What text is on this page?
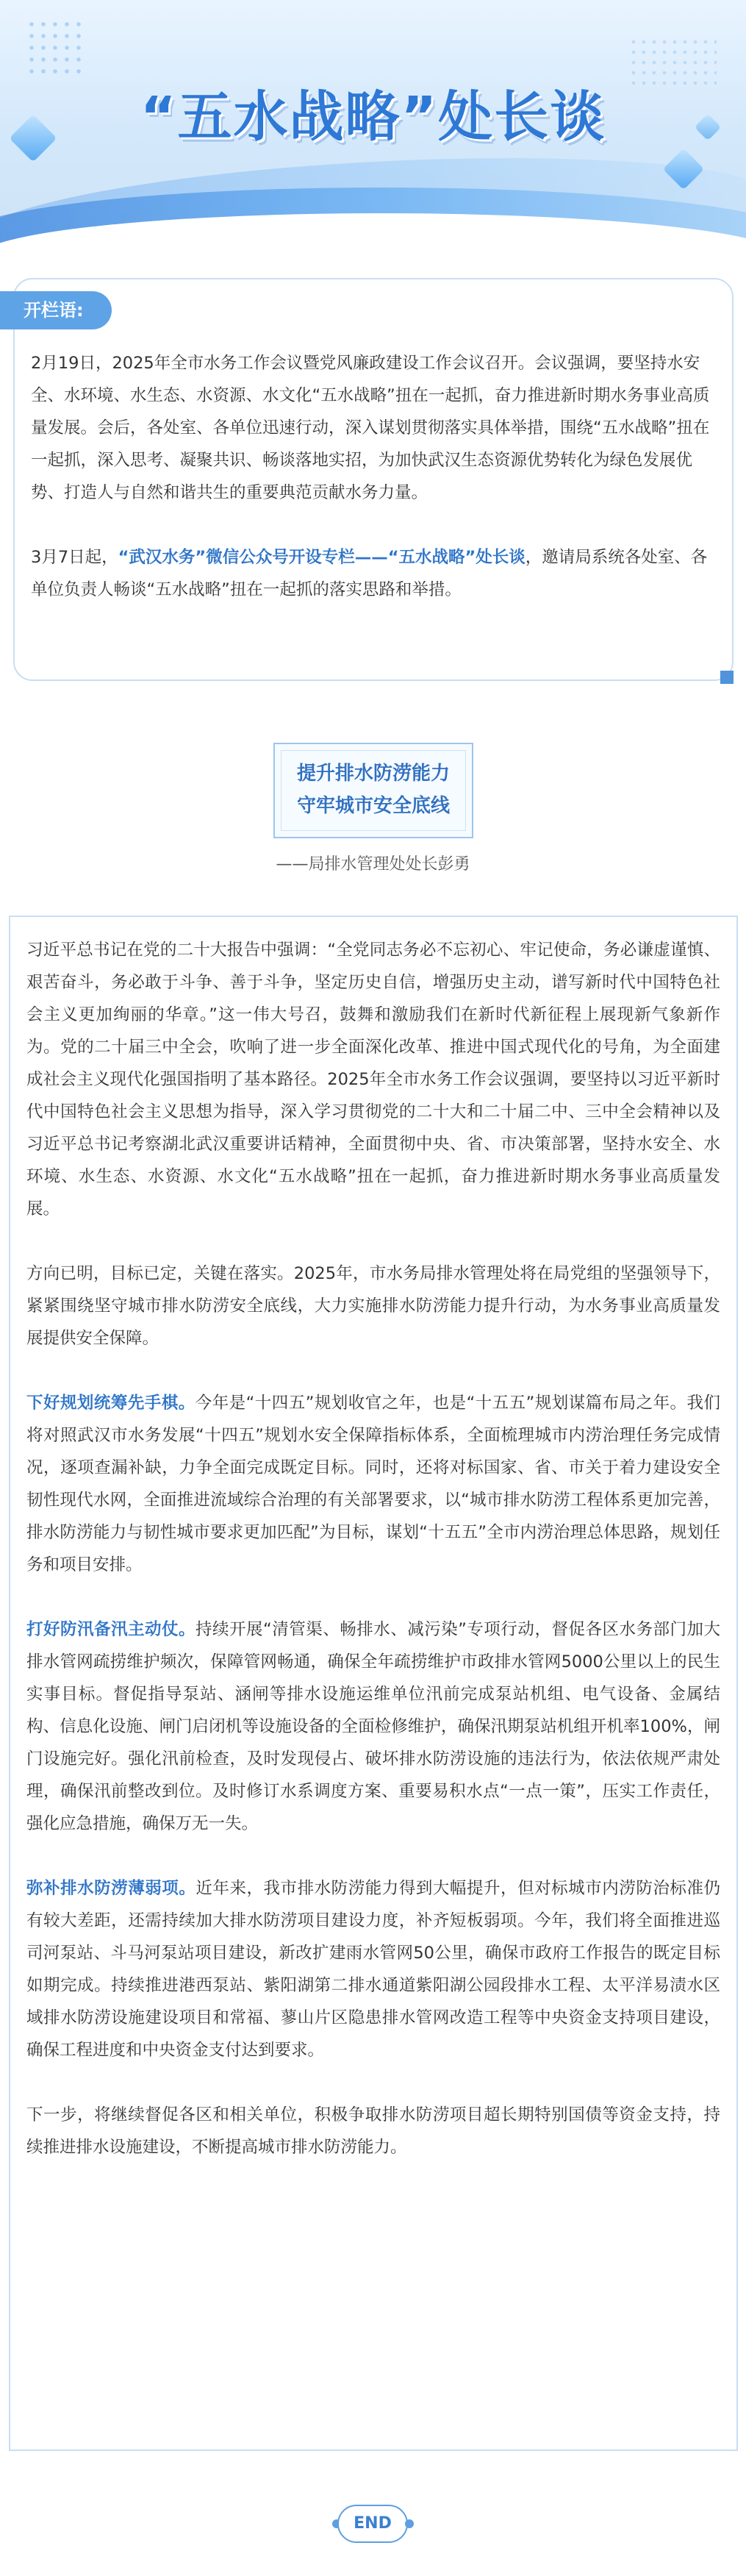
“五水战略”处长谈
开栏语:

2月19日，2025年全市水务工作会议暨党风廉政建设工作会议召开。会议强调，要坚持水安全、水环境、水生态、水资源、水文化“五水战略”扭在一起抓，奋力推进新时期水务事业高质量发展。会后，各处室、各单位迅速行动，深入谋划贯彻落实具体举措，围绕“五水战略”扭在一起抓，深入思考、凝聚共识、畅谈落地实招，为加快武汉生态资源优势转化为绿色发展优势、打造人与自然和谐共生的重要典范贡献水务力量。

3月7日起，“武汉水务”微信公众号开设专栏——“五水战略”处长谈，邀请局系统各处室、各单位负责人畅谈“五水战略”扭在一起抓的落实思路和举措。

提升排水防涝能力
守牢城市安全底线
——局排水管理处处长彭勇

习近平总书记在党的二十大报告中强调：“全党同志务必不忘初心、牢记使命，务必谦虚谨慎、艰苦奋斗，务必敢于斗争、善于斗争，坚定历史自信，增强历史主动，谱写新时代中国特色社会主义更加绚丽的华章。”这一伟大号召，鼓舞和激励我们在新时代新征程上展现新气象新作为。党的二十届三中全会，吹响了进一步全面深化改革、推进中国式现代化的号角，为全面建成社会主义现代化强国指明了基本路径。2025年全市水务工作会议强调，要坚持以习近平新时代中国特色社会主义思想为指导，深入学习贯彻党的二十大和二十届二中、三中全会精神以及习近平总书记考察湖北武汉重要讲话精神，全面贯彻中央、省、市决策部署，坚持水安全、水环境、水生态、水资源、水文化“五水战略”扭在一起抓，奋力推进新时期水务事业高质量发展。

方向已明，目标已定，关键在落实。2025年，市水务局排水管理处将在局党组的坚强领导下，紧紧围绕坚守城市排水防涝安全底线，大力实施排水防涝能力提升行动，为水务事业高质量发展提供安全保障。

下好规划统筹先手棋。今年是“十四五”规划收官之年，也是“十五五”规划谋篇布局之年。我们将对照武汉市水务发展“十四五”规划水安全保障指标体系，全面梳理城市内涝治理任务完成情况，逐项查漏补缺，力争全面完成既定目标。同时，还将对标国家、省、市关于着力建设安全韧性现代水网，全面推进流域综合治理的有关部署要求，以“城市排水防涝工程体系更加完善，排水防涝能力与韧性城市要求更加匹配”为目标，谋划“十五五”全市内涝治理总体思路，规划任务和项目安排。

打好防汛备汛主动仗。持续开展“清管渠、畅排水、减污染”专项行动，督促各区水务部门加大排水管网疏捞维护频次，保障管网畅通，确保全年疏捞维护市政排水管网5000公里以上的民生实事目标。督促指导泵站、涵闸等排水设施运维单位汛前完成泵站机组、电气设备、金属结构、信息化设施、闸门启闭机等设施设备的全面检修维护，确保汛期泵站机组开机率100%，闸门设施完好。强化汛前检查，及时发现侵占、破坏排水防涝设施的违法行为，依法依规严肃处理，确保汛前整改到位。及时修订水系调度方案、重要易积水点“一点一策”，压实工作责任，强化应急措施，确保万无一失。

弥补排水防涝薄弱项。近年来，我市排水防涝能力得到大幅提升，但对标城市内涝防治标准仍有较大差距，还需持续加大排水防涝项目建设力度，补齐短板弱项。今年，我们将全面推进巡司河泵站、斗马河泵站项目建设，新改扩建雨水管网50公里，确保市政府工作报告的既定目标如期完成。持续推进港西泵站、紫阳湖第二排水通道紫阳湖公园段排水工程、太平洋易渍水区域排水防涝设施建设项目和常福、蓼山片区隐患排水管网改造工程等中央资金支持项目建设，确保工程进度和中央资金支付达到要求。

下一步，将继续督促各区和相关单位，积极争取排水防涝项目超长期特别国债等资金支持，持续推进排水设施建设，不断提高城市排水防涝能力。

END
